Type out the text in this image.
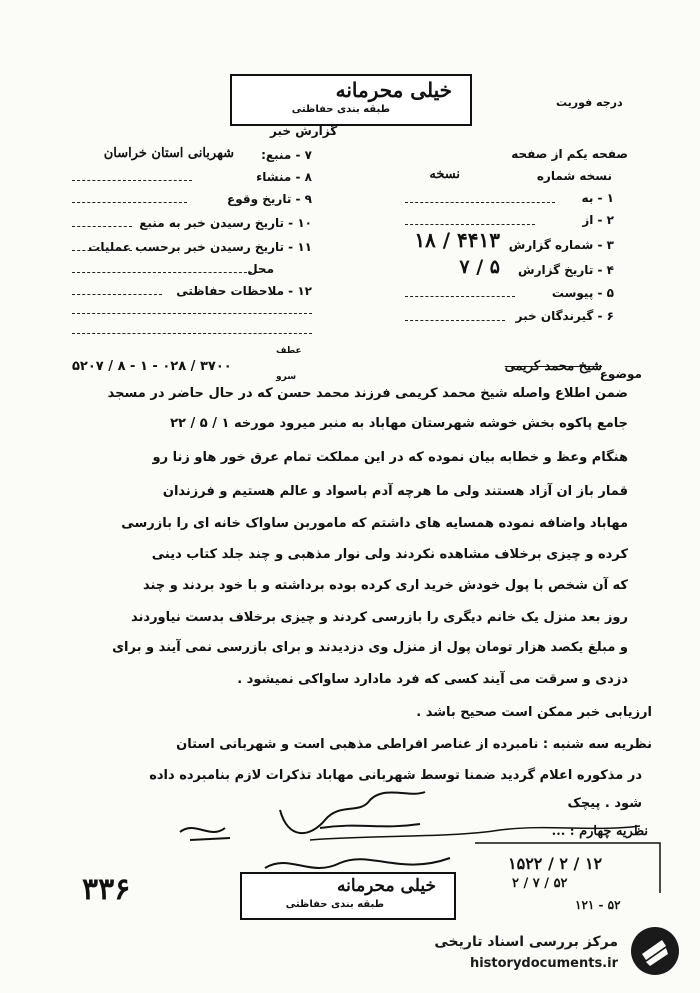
خیلی محرمانه
طبقه بندی حفاظتی
گزارش خبر
درجه فوریت
صفحه یکم از صفحه
نسخه شماره
نسخه
۱ - به
۲ - از
۳ - شماره گزارش
۴۴۱۳ / ۱۸
۴ - تاریخ گزارش
۵ / ۷
۵ - پیوست
۶ - گیرندگان خبر
۷ - منبع:
شهربانی استان خراسان
۸ - منشاء
۹ - تاریخ وقوع
۱۰ - تاریخ رسیدن خبر به منبع
۱۱ - تاریخ رسیدن خبر برحسب عملیات
محل
۱۲ - ملاحظات حفاظتی
موضوع
شیخ محمد کریمی
۳۷۰۰ / ۰۲۸ - ۱ - ۸ / ۵۲۰۷
عطف
سرو
ضمن اطلاع واصله شیخ محمد کریمی فرزند محمد حسن که در حال حاضر در مسجد
جامع پاکوه بخش خوشه شهرستان مهاباد به منبر میرود مورخه ۱ / ۵ / ۲۲
هنگام وعظ و خطابه بیان نموده که در این مملکت تمام عرق خور هاو زنا رو
قمار باز ان آزاد هستند ولی ما هرچه آدم باسواد و عالم هستیم و فرزندان
مهاباد واضافه نموده همسایه های داشتم که ماموربن ساواک خانه ای را بازرسی
کرده و چیزی برخلاف مشاهده نکردند ولی نوار مذهبی و چند جلد کتاب دینی
که آن شخص با پول خودش خرید اری کرده بوده برداشته و با خود بردند و چند
روز بعد منزل یک خانم دیگری را بازرسی کردند و چیزی برخلاف بدست نیاوردند
و مبلغ یکصد هزار تومان پول از منزل وی دزدیدند و برای بازرسی نمی آیند و برای
دزدی و سرقت می آیند کسی که فرد مادارد ساواکی نمیشود .
ارزیابی خبر ممکن است صحیح باشد .
نظریه سه شنبه : نامبرده از عناصر افراطی مذهبی است و شهربانی استان
در مذکوره اعلام گردید ضمنا توسط شهربانی مهاباد تذکرات لازم بنامبرده داده
شود . پیچک
نظریه چهارم : ...
خیلی محرمانه
طبقه بندی حفاظتی
۱۵۲۲ / ۲ / ۱۲
۲ / ۷ / ۵۲
۱۲۱ - ۵۲
۳۳۶
مرکز بررسی اسناد تاریخی
historydocuments.ir
